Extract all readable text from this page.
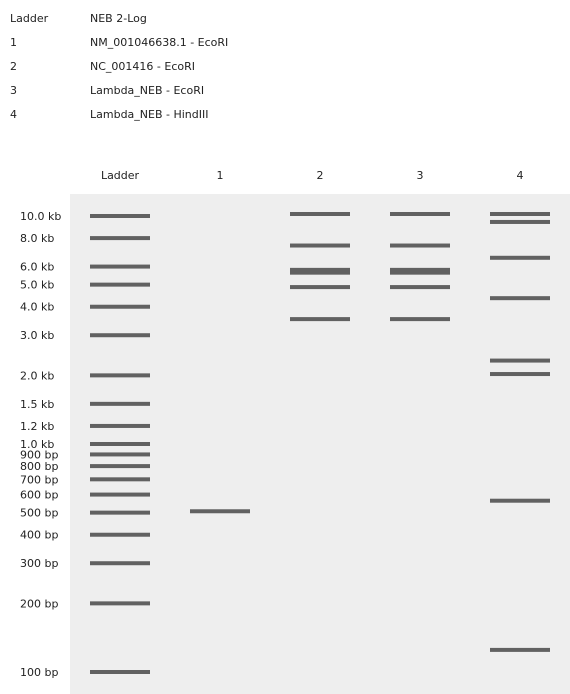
Ladder	NEB 2-Log
1	NM_001046638.1 - EcoRI
2	NC_001416 - EcoRI
3	Lambda_NEB - EcoRI
4	Lambda_NEB - HindIII
Ladder	1	2	3	4
10.0 kb
8.0 kb
6.0 kb
5.0 kb
4.0 kb
3.0 kb
2.0 kb
1.5 kb
1.2 kb
1.0 kb
900 bp
800 bp
700 bp
600 bp
500 bp
400 bp
300 bp
200 bp
100 bp
